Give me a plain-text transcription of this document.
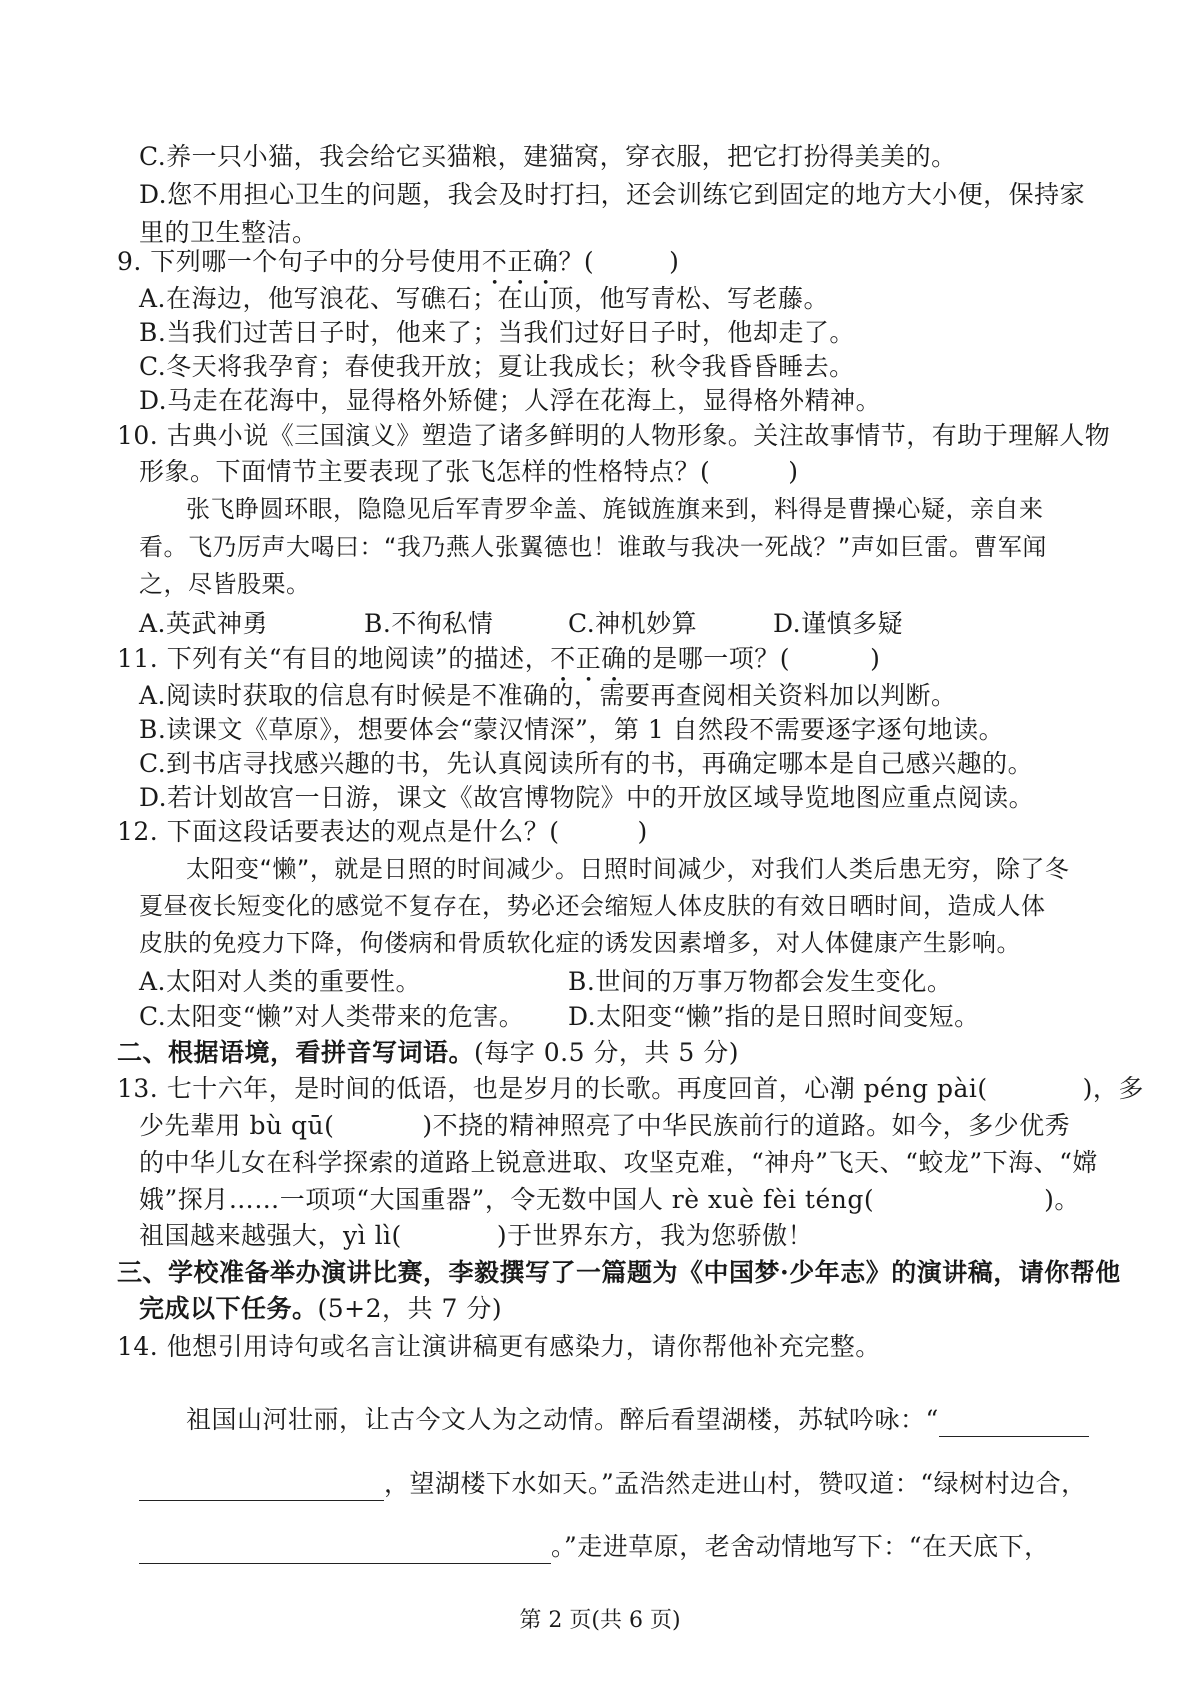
C.养一只小猫，我会给它买猫粮，建猫窝，穿衣服，把它打扮得美美的。
D.您不用担心卫生的问题，我会及时打扫，还会训练它到固定的地方大小便，保持家
里的卫生整洁。
9. 下列哪一个句子中的分号使用不正确？(	)
A.在海边，他写浪花、写礁石；在山顶，他写青松、写老藤。
B.当我们过苦日子时，他来了；当我们过好日子时，他却走了。
C.冬天将我孕育；春使我开放；夏让我成长；秋令我昏昏睡去。
D.马走在花海中，显得格外矫健；人浮在花海上，显得格外精神。
10. 古典小说《三国演义》塑造了诸多鲜明的人物形象。关注故事情节，有助于理解人物
形象。下面情节主要表现了张飞怎样的性格特点？(	)
张飞睁圆环眼，隐隐见后军青罗伞盖、旄钺旌旗来到，料得是曹操心疑，亲自来
看。飞乃厉声大喝曰：“我乃燕人张翼德也！谁敢与我决一死战？”声如巨雷。曹军闻
之，尽皆股栗。
A.英武神勇	B.不徇私情	C.神机妙算	D.谨慎多疑
11. 下列有关“有目的地阅读”的描述，不正确的是哪一项？(	)
A.阅读时获取的信息有时候是不准确的，需要再查阅相关资料加以判断。
B.读课文《草原》，想要体会“蒙汉情深”，第 1 自然段不需要逐字逐句地读。
C.到书店寻找感兴趣的书，先认真阅读所有的书，再确定哪本是自己感兴趣的。
D.若计划故宫一日游，课文《故宫博物院》中的开放区域导览地图应重点阅读。
12. 下面这段话要表达的观点是什么？(	)
太阳变“懒”，就是日照的时间减少。日照时间减少，对我们人类后患无穷，除了冬
夏昼夜长短变化的感觉不复存在，势必还会缩短人体皮肤的有效日晒时间，造成人体
皮肤的免疫力下降，佝偻病和骨质软化症的诱发因素增多，对人体健康产生影响。
A.太阳对人类的重要性。	B.世间的万事万物都会发生变化。
C.太阳变“懒”对人类带来的危害。 D.太阳变“懒”指的是日照时间变短。
二、根据语境，看拼音写词语。(每字 0.5 分，共 5 分)
13. 七十六年，是时间的低语，也是岁月的长歌。再度回首，心潮 péng pài(	)，多
少先辈用 bù qū(	)不挠的精神照亮了中华民族前行的道路。如今，多少优秀
的中华儿女在科学探索的道路上锐意进取、攻坚克难，“神舟”飞天、“蛟龙”下海、“嫦
娥”探月……一项项“大国重器”，令无数中国人 rè xuè fèi téng(	)。
祖国越来越强大，yì lì(	)于世界东方，我为您骄傲！
三、学校准备举办演讲比赛，李毅撰写了一篇题为《中国梦·少年志》的演讲稿，请你帮他
完成以下任务。(5+2，共 7 分)
14. 他想引用诗句或名言让演讲稿更有感染力，请你帮他补充完整。
祖国山河壮丽，让古今文人为之动情。醉后看望湖楼，苏轼吟咏：“
，望湖楼下水如天。”孟浩然走进山村，赞叹道：“绿树村边合，
。”走进草原，老舍动情地写下：“在天底下，
第 2 页(共 6 页)
